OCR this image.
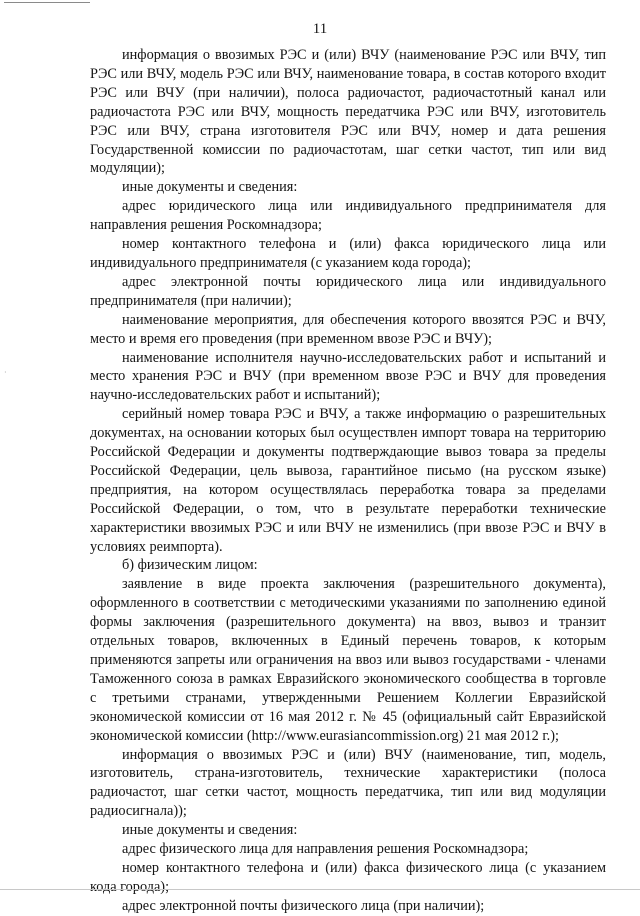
11
·

информация о ввозимых РЭС и (или) ВЧУ (наименование РЭС или ВЧУ, тип РЭС или ВЧУ, модель РЭС или ВЧУ, наименование товара, в состав которого входит РЭС или ВЧУ (при наличии), полоса радиочастот, радиочастотный канал или радиочастота РЭС или ВЧУ, мощность передатчика РЭС или ВЧУ, изготовитель РЭС или ВЧУ, страна изготовителя РЭС или ВЧУ, номер и дата решения Государственной комиссии по радиочастотам, шаг сетки частот, тип или вид модуляции);

иные документы и сведения:

адрес юридического лица или индивидуального предпринимателя для направления решения Роскомнадзора;

номер контактного телефона и (или) факса юридического лица или индивидуального предпринимателя (с указанием кода города);

адрес электронной почты юридического лица или индивидуального предпринимателя (при наличии);

наименование мероприятия, для обеспечения которого ввозятся РЭС и ВЧУ, место и время его проведения (при временном ввозе РЭС и ВЧУ);

наименование исполнителя научно-исследовательских работ и испытаний и место хранения РЭС и ВЧУ (при временном ввозе РЭС и ВЧУ для проведения научно-исследовательских работ и испытаний);

серийный номер товара РЭС и ВЧУ, а также информацию о разрешительных документах, на основании которых был осуществлен импорт товара на территорию Российской Федерации и документы подтверждающие вывоз товара за пределы Российской Федерации, цель вывоза, гарантийное письмо (на русском языке) предприятия, на котором осуществлялась переработка товара за пределами Российской Федерации, о том, что в результате переработки технические характеристики ввозимых РЭС и или ВЧУ не изменились (при ввозе РЭС и ВЧУ в условиях реимпорта).

б) физическим лицом:

заявление в виде проекта заключения (разрешительного документа), оформленного в соответствии с методическими указаниями по заполнению единой формы заключения (разрешительного документа) на ввоз, вывоз и транзит отдельных товаров, включенных в Единый перечень товаров, к которым применяются запреты или ограничения на ввоз или вывоз государствами - членами Таможенного союза в рамках Евразийского экономического сообщества в торговле с третьими странами, утвержденными Решением Коллегии Евразийской экономической комиссии от 16 мая 2012 г. № 45 (официальный сайт Евразийской экономической комиссии (http://www.eurasiancommission.org) 21 мая 2012 г.);

информация о ввозимых РЭС и (или) ВЧУ (наименование, тип, модель, изготовитель, страна-изготовитель, технические характеристики (полоса радиочастот, шаг сетки частот, мощность передатчика, тип или вид модуляции радиосигнала));

иные документы и сведения:

адрес физического лица для направления решения Роскомнадзора;

номер контактного телефона и (или) факса физического лица (с указанием кода города);

адрес электронной почты физического лица (при наличии);
